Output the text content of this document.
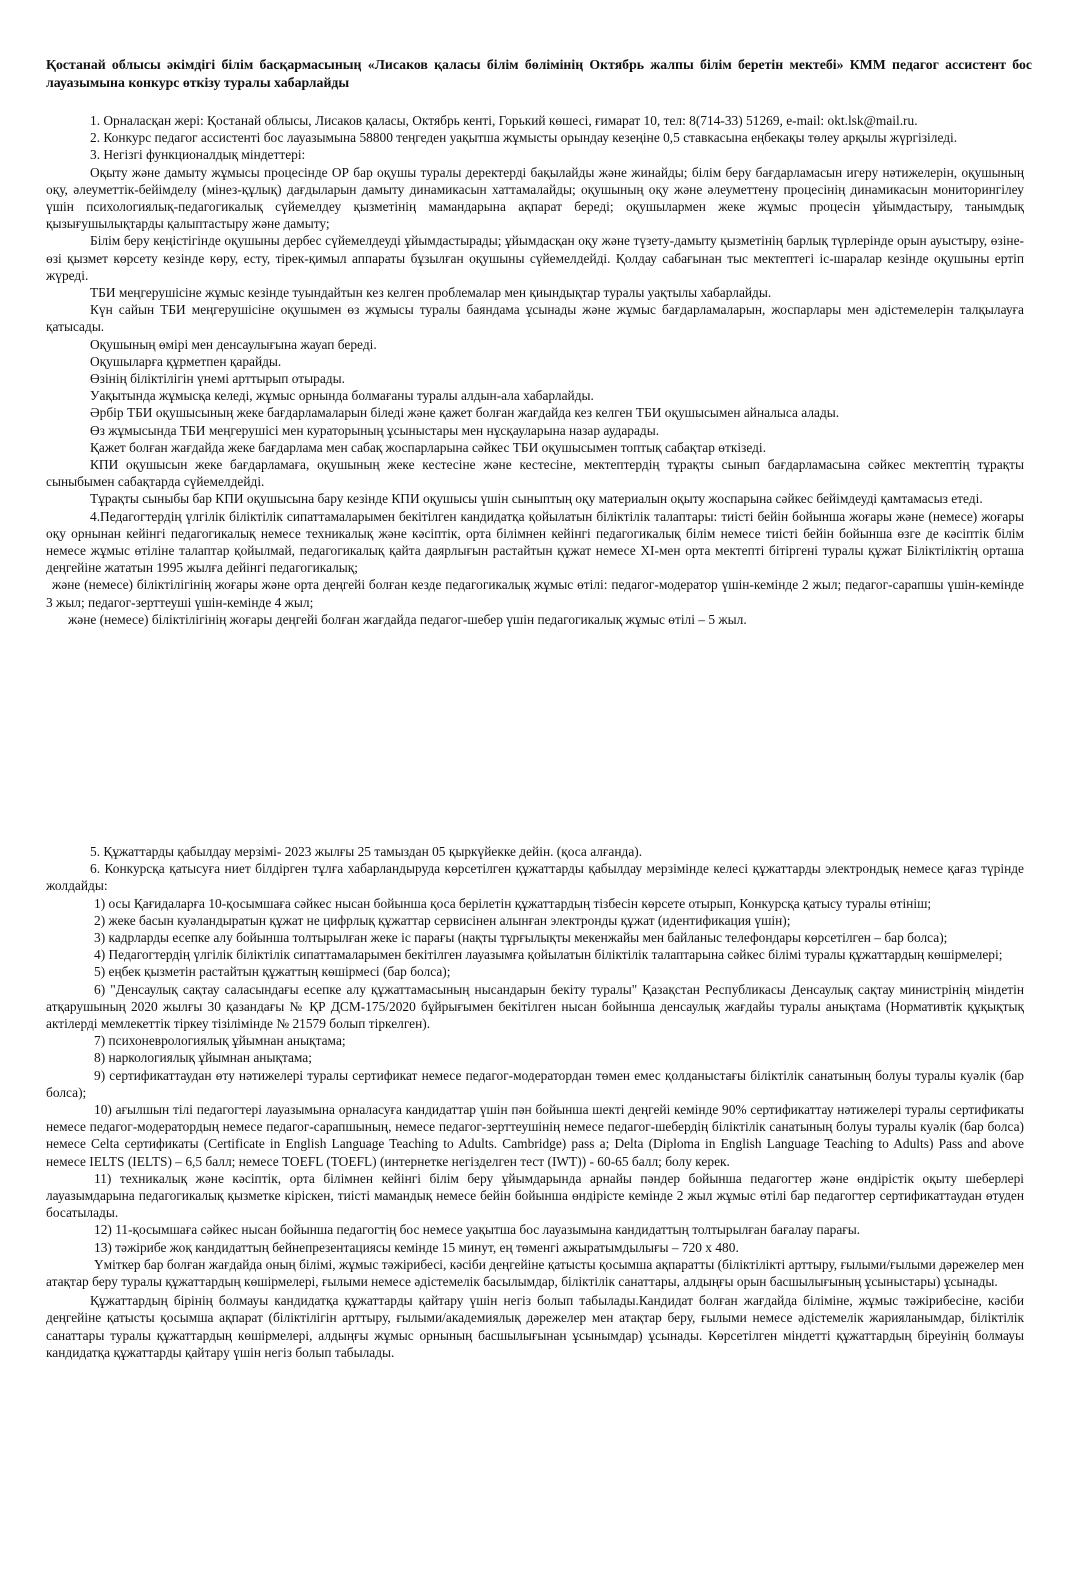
Қостанай облысы әкімдігі білім басқармасының «Лисаков қаласы білім бөлімінің Октябрь жалпы білім беретін мектебі» КММ педагог ассистент бос лауазымына конкурс өткізу туралы хабарлайды

1. Орналасқан жері: Қостанай облысы, Лисаков қаласы, Октябрь кенті, Горький көшесі, ғимарат 10, тел: 8(714-33) 51269, e-mail: okt.lsk@mail.ru.

2. Конкурс педагог ассистенті бос лауазымына 58800 теңгеден уақытша жұмысты орындау кезеңіне 0,5 ставкасына еңбекақы төлеу арқылы жүргізіледі.

3. Негізгі функционалдық міндеттері:

Оқыту және дамыту жұмысы процесінде ОР бар оқушы туралы деректерді бақылайды және жинайды; білім беру бағдарламасын игеру нәтижелерін, оқушының оқу, әлеуметтік-бейімделу (мінез-құлық) дағдыларын дамыту динамикасын хаттамалайды; оқушының оқу және әлеуметтену процесінің динамикасын мониторингілеу үшін психологиялық-педагогикалық сүйемелдеу қызметінің мамандарына ақпарат береді; оқушылармен жеке жұмыс процесін ұйымдастыру, танымдық қызығушылықтарды қалыптастыру және дамыту;

Білім беру кеңістігінде оқушыны дербес сүйемелдеуді ұйымдастырады; ұйымдасқан оқу және түзету-дамыту қызметінің барлық түрлерінде орын ауыстыру, өзіне-өзі қызмет көрсету кезінде көру, есту, тірек-қимыл аппараты бұзылған оқушыны сүйемелдейді. Қолдау сабағынан тыс мектептегі іс-шаралар кезінде оқушыны ертіп жүреді.

ТБИ меңгерушісіне жұмыс кезінде туындайтын кез келген проблемалар мен қиындықтар туралы уақтылы хабарлайды.

Күн сайын ТБИ меңгерушісіне оқушымен өз жұмысы туралы баяндама ұсынады және жұмыс бағдарламаларын, жоспарлары мен әдістемелерін талқылауға қатысады.

Оқушының өмірі мен денсаулығына жауап береді.

Оқушыларға құрметпен қарайды.

Өзінің біліктілігін үнемі арттырып отырады.

Уақытында жұмысқа келеді, жұмыс орнында болмағаны туралы алдын-ала хабарлайды.

Әрбір ТБИ оқушысының жеке бағдарламаларын біледі және қажет болған жағдайда кез келген ТБИ оқушысымен айналыса алады.

Өз жұмысында ТБИ меңгерушісі мен кураторының ұсыныстары мен нұсқауларына назар аударады.

Қажет болған жағдайда жеке бағдарлама мен сабақ жоспарларына сәйкес ТБИ оқушысымен топтық сабақтар өткізеді.

КПИ оқушысын жеке бағдарламаға, оқушының жеке кестесіне және кестесіне, мектептердің тұрақты сынып бағдарламасына сәйкес мектептің тұрақты сыныбымен сабақтарда сүйемелдейді.

Тұрақты сыныбы бар КПИ оқушысына бару кезінде КПИ оқушысы үшін сыныптың оқу материалын оқыту жоспарына сәйкес бейімдеуді қамтамасыз етеді.

4.Педагогтердің үлгілік біліктілік сипаттамаларымен бекітілген кандидатқа қойылатын біліктілік талаптары: тиісті бейін бойынша жоғары және (немесе) жоғары оқу орнынан кейінгі педагогикалық немесе техникалық және кәсіптік, орта білімнен кейінгі педагогикалық білім немесе тиісті бейін бойынша өзге де кәсіптік білім немесе жұмыс өтіліне талаптар қойылмай, педагогикалық қайта даярлығын растайтын құжат немесе XI-мен орта мектепті бітіргені туралы құжат Біліктіліктің орташа деңгейіне жататын 1995 жылға дейінгі педагогикалық;

және (немесе) біліктілігінің жоғары және орта деңгейі болған кезде педагогикалық жұмыс өтілі: педагог-модератор үшін-кемінде 2 жыл; педагог-сарапшы үшін-кемінде 3 жыл; педагог-зерттеуші үшін-кемінде 4 жыл;

және (немесе) біліктілігінің жоғары деңгейі болған жағдайда педагог-шебер үшін педагогикалық жұмыс өтілі – 5 жыл.

5. Құжаттарды қабылдау мерзімі- 2023 жылғы 25 тамыздан 05 қыркүйекке дейін. (қоса алғанда).

6. Конкурсқа қатысуға ниет білдірген тұлға хабарландыруда көрсетілген құжаттарды қабылдау мерзімінде келесі құжаттарды электрондық немесе қағаз түрінде жолдайды:

1) осы Қағидаларға 10-қосымшаға сәйкес нысан бойынша қоса берілетін құжаттардың тізбесін көрсете отырып, Конкурсқа қатысу туралы өтініш;

2) жеке басын куәландыратын құжат не цифрлық құжаттар сервисінен алынған электронды құжат (идентификация үшін);

3) кадрларды есепке алу бойынша толтырылған жеке іс парағы (нақты тұрғылықты мекенжайы мен байланыс телефондары көрсетілген – бар болса);

4) Педагогтердің үлгілік біліктілік сипаттамаларымен бекітілген лауазымға қойылатын біліктілік талаптарына сәйкес білімі туралы құжаттардың көшірмелері;

5) еңбек қызметін растайтын құжаттың көшірмесі (бар болса);

6) "Денсаулық сақтау саласындағы есепке алу құжаттамасының нысандарын бекіту туралы" Қазақстан Республикасы Денсаулық сақтау министрінің міндетін атқарушының 2020 жылғы 30 қазандағы № ҚР ДСМ-175/2020 бұйрығымен бекітілген нысан бойынша денсаулық жағдайы туралы анықтама (Нормативтік құқықтық актілерді мемлекеттік тіркеу тізілімінде № 21579 болып тіркелген).

7) психоневрологиялық ұйымнан анықтама;

8) наркологиялық ұйымнан анықтама;

9) сертификаттаудан өту нәтижелері туралы сертификат немесе педагог-модератордан төмен емес қолданыстағы біліктілік санатының болуы туралы куәлік (бар болса);

10) ағылшын тілі педагогтері лауазымына орналасуға кандидаттар үшін пән бойынша шекті деңгейі кемінде 90% сертификаттау нәтижелері туралы сертификаты немесе педагог-модератордың немесе педагог-сарапшының, немесе педагог-зерттеушінің немесе педагог-шебердің біліктілік санатының болуы туралы куәлік (бар болса) немесе Celta сертификаты (Certificate in English Language Teaching to Adults. Cambridge) pass a; Delta (Diploma in English Language Teaching to Adults) Pass and above немесе IELTS (IELTS) – 6,5 балл; немесе TOEFL (TOEFL) (интернетке негізделген тест (IWT)) - 60-65 балл; болу керек.

11) техникалық және кәсіптік, орта білімнен кейінгі білім беру ұйымдарында арнайы пәндер бойынша педагогтер және өндірістік оқыту шеберлері лауазымдарына педагогикалық қызметке кіріскен, тиісті мамандық немесе бейін бойынша өндірісте кемінде 2 жыл жұмыс өтілі бар педагогтер сертификаттаудан өтуден босатылады.

12) 11-қосымшаға сәйкес нысан бойынша педагогтің бос немесе уақытша бос лауазымына кандидаттың толтырылған бағалау парағы.

13) тәжірибе жоқ кандидаттың бейнепрезентациясы кемінде 15 минут, ең төменгі ажыратымдылығы – 720 x 480.

Үміткер бар болған жағдайда оның білімі, жұмыс тәжірибесі, кәсіби деңгейіне қатысты қосымша ақпаратты (біліктілікті арттыру, ғылыми/ғылыми дәрежелер мен атақтар беру туралы құжаттардың көшірмелері, ғылыми немесе әдістемелік басылымдар, біліктілік санаттары, алдыңғы орын басшылығының ұсыныстары) ұсынады.

Құжаттардың бірінің болмауы кандидатқа құжаттарды қайтару үшін негіз болып табылады.Кандидат болған жағдайда біліміне, жұмыс тәжірибесіне, кәсіби деңгейіне қатысты қосымша ақпарат (біліктілігін арттыру, ғылыми/академиялық дәрежелер мен атақтар беру, ғылыми немесе әдістемелік жарияланымдар, біліктілік санаттары туралы құжаттардың көшірмелері, алдыңғы жұмыс орнының басшылығынан ұсынымдар) ұсынады. Көрсетілген міндетті құжаттардың біреуінің болмауы кандидатқа құжаттарды қайтару үшін негіз болып табылады.
